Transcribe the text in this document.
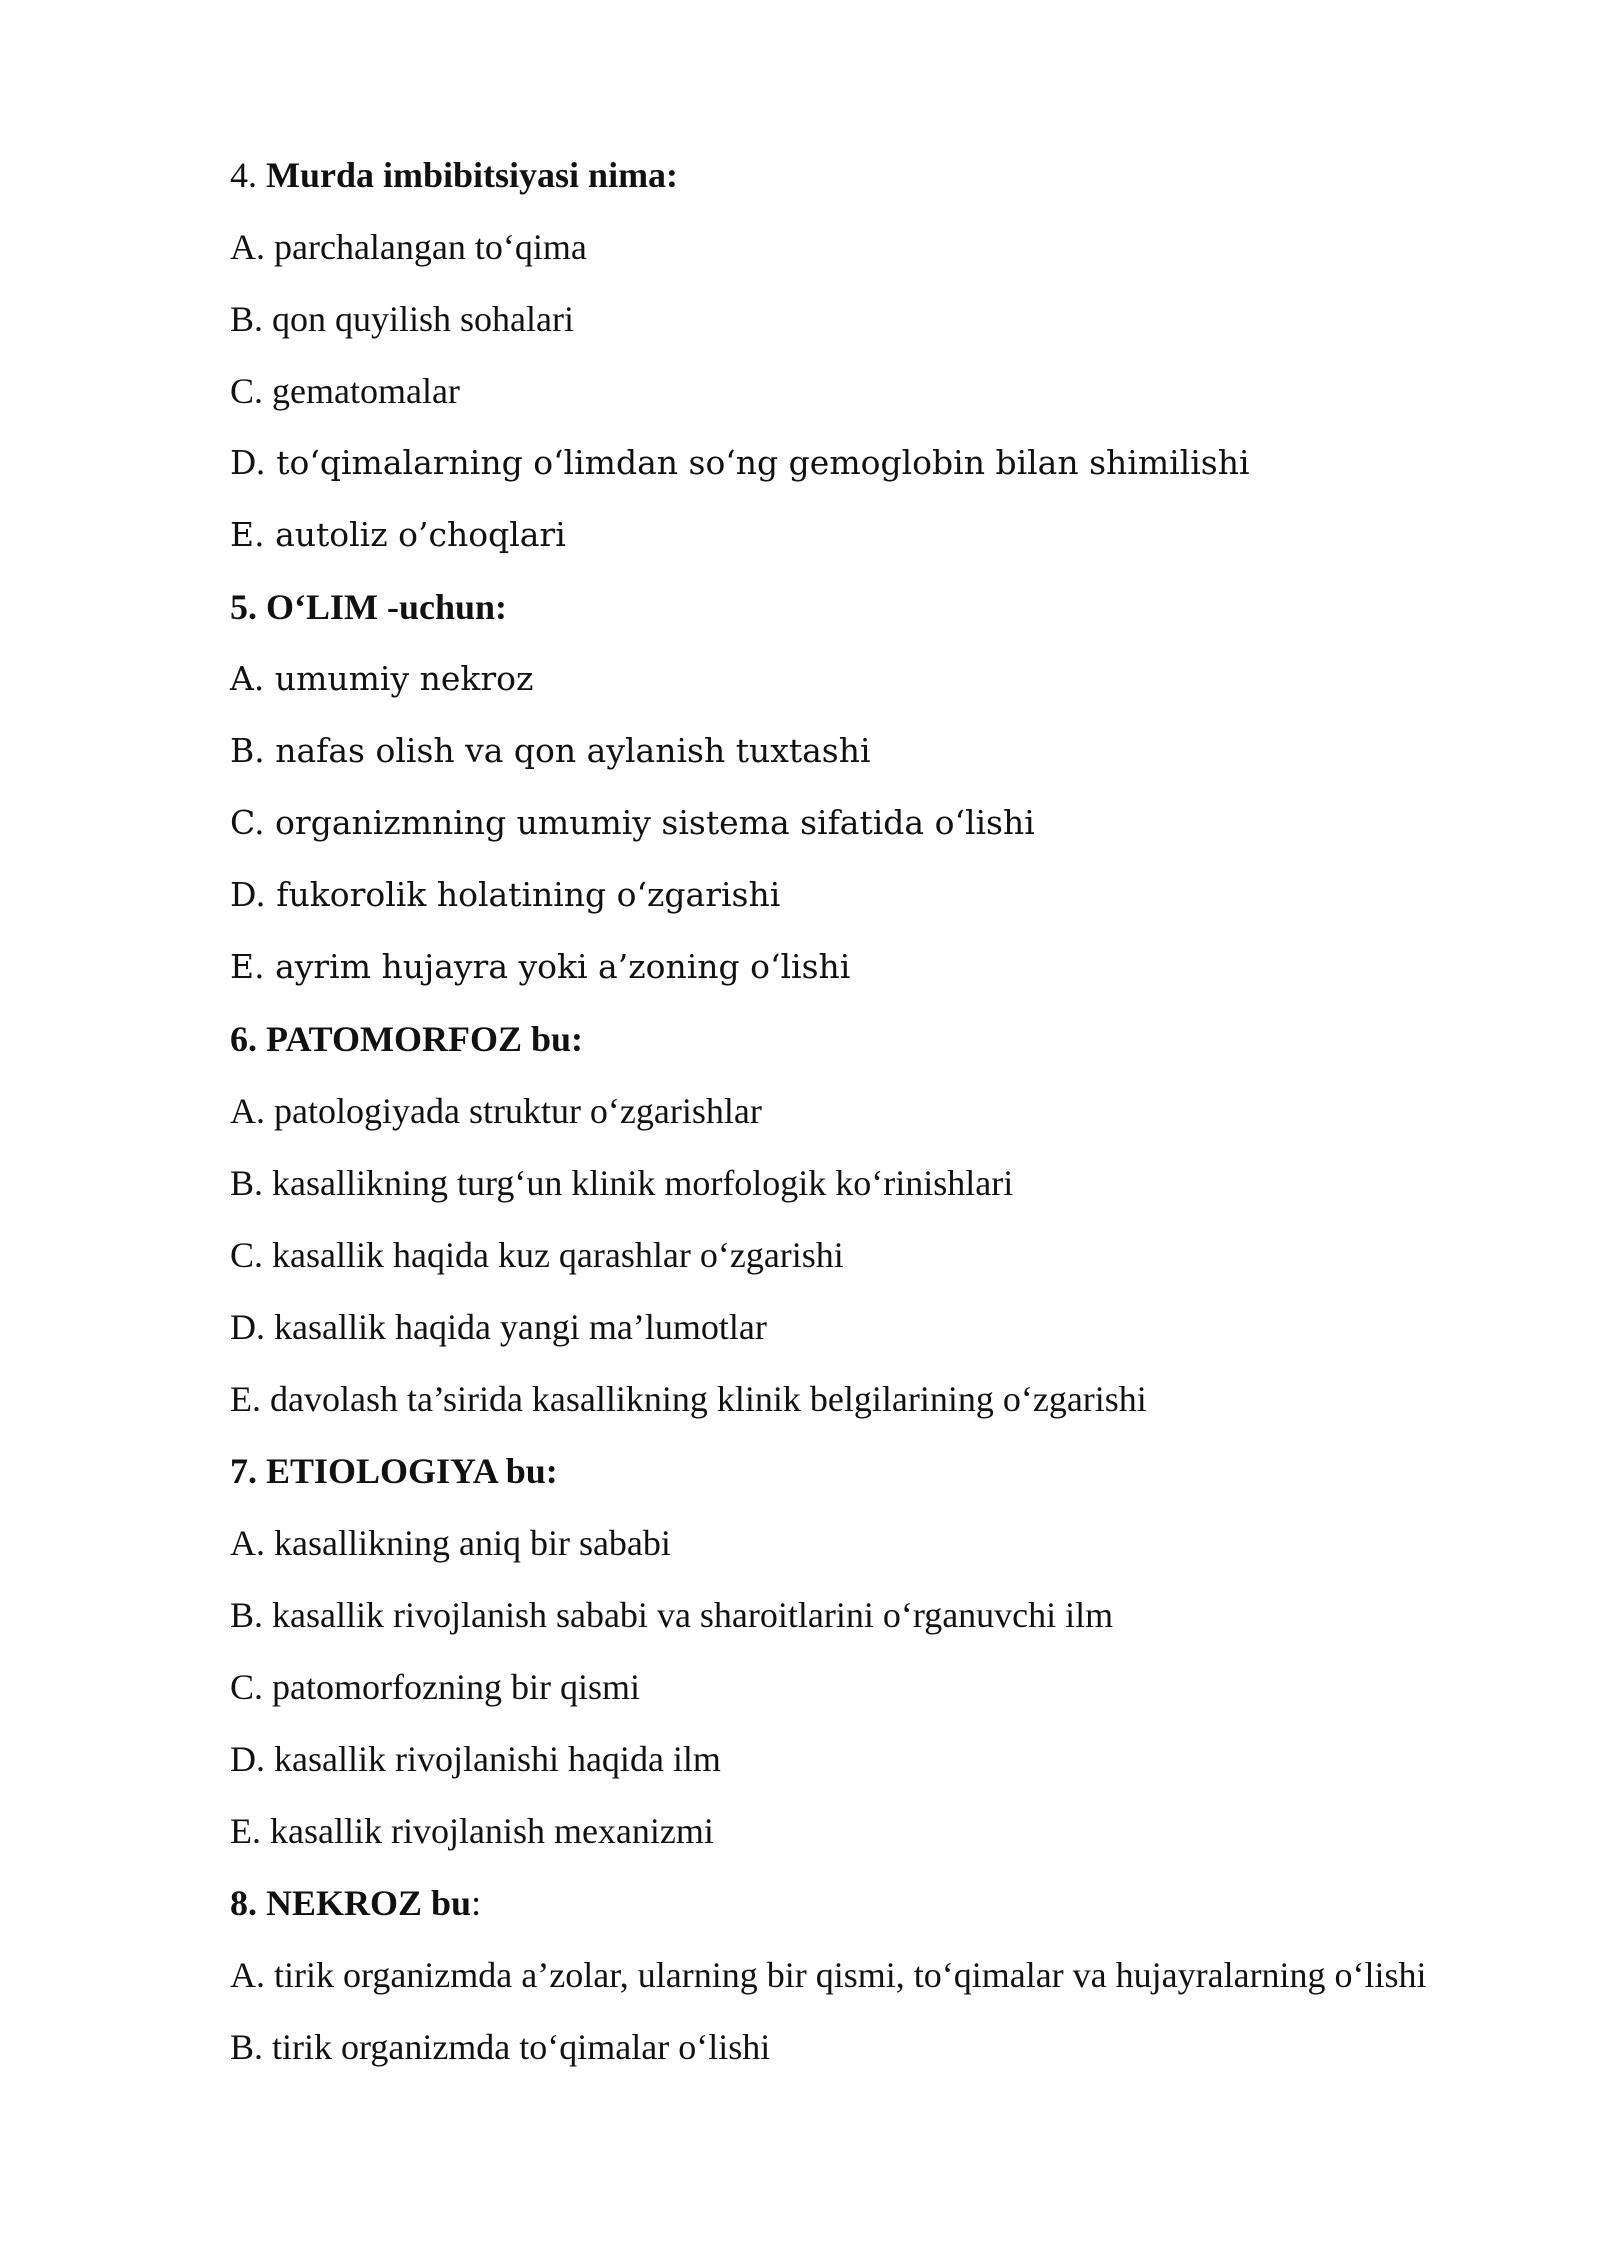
4. Murda imbibitsiyasi nima:
A. parchalangan to‘qima
B. qon quyilish sohalari
C. gematomalar
D. to‘qimalarning o‘limdan so‘ng gemoglobin bilan shimilishi
E. autoliz o’choqlari
5. O‘LIM -uchun:
A. umumiy nekroz
B. nafas olish va qon aylanish tuxtashi
C. organizmning umumiy sistema sifatida o‘lishi
D. fukorolik holatining o‘zgarishi
E. ayrim hujayra yoki a’zoning o‘lishi
6. PATOMORFOZ bu:
A. patologiyada struktur o‘zgarishlar
B. kasallikning turg‘un klinik morfologik ko‘rinishlari
C. kasallik haqida kuz qarashlar o‘zgarishi
D. kasallik haqida yangi ma’lumotlar
E. davolash ta’sirida kasallikning klinik belgilarining o‘zgarishi
7. ETIOLOGIYA bu:
A. kasallikning aniq bir sababi
B. kasallik rivojlanish sababi va sharoitlarini o‘rganuvchi ilm
C. patomorfozning bir qismi
D. kasallik rivojlanishi haqida ilm
E. kasallik rivojlanish mexanizmi
8. NEKROZ bu:
A. tirik organizmda a’zolar, ularning bir qismi, to‘qimalar va hujayralarning o‘lishi
B. tirik organizmda to‘qimalar o‘lishi
